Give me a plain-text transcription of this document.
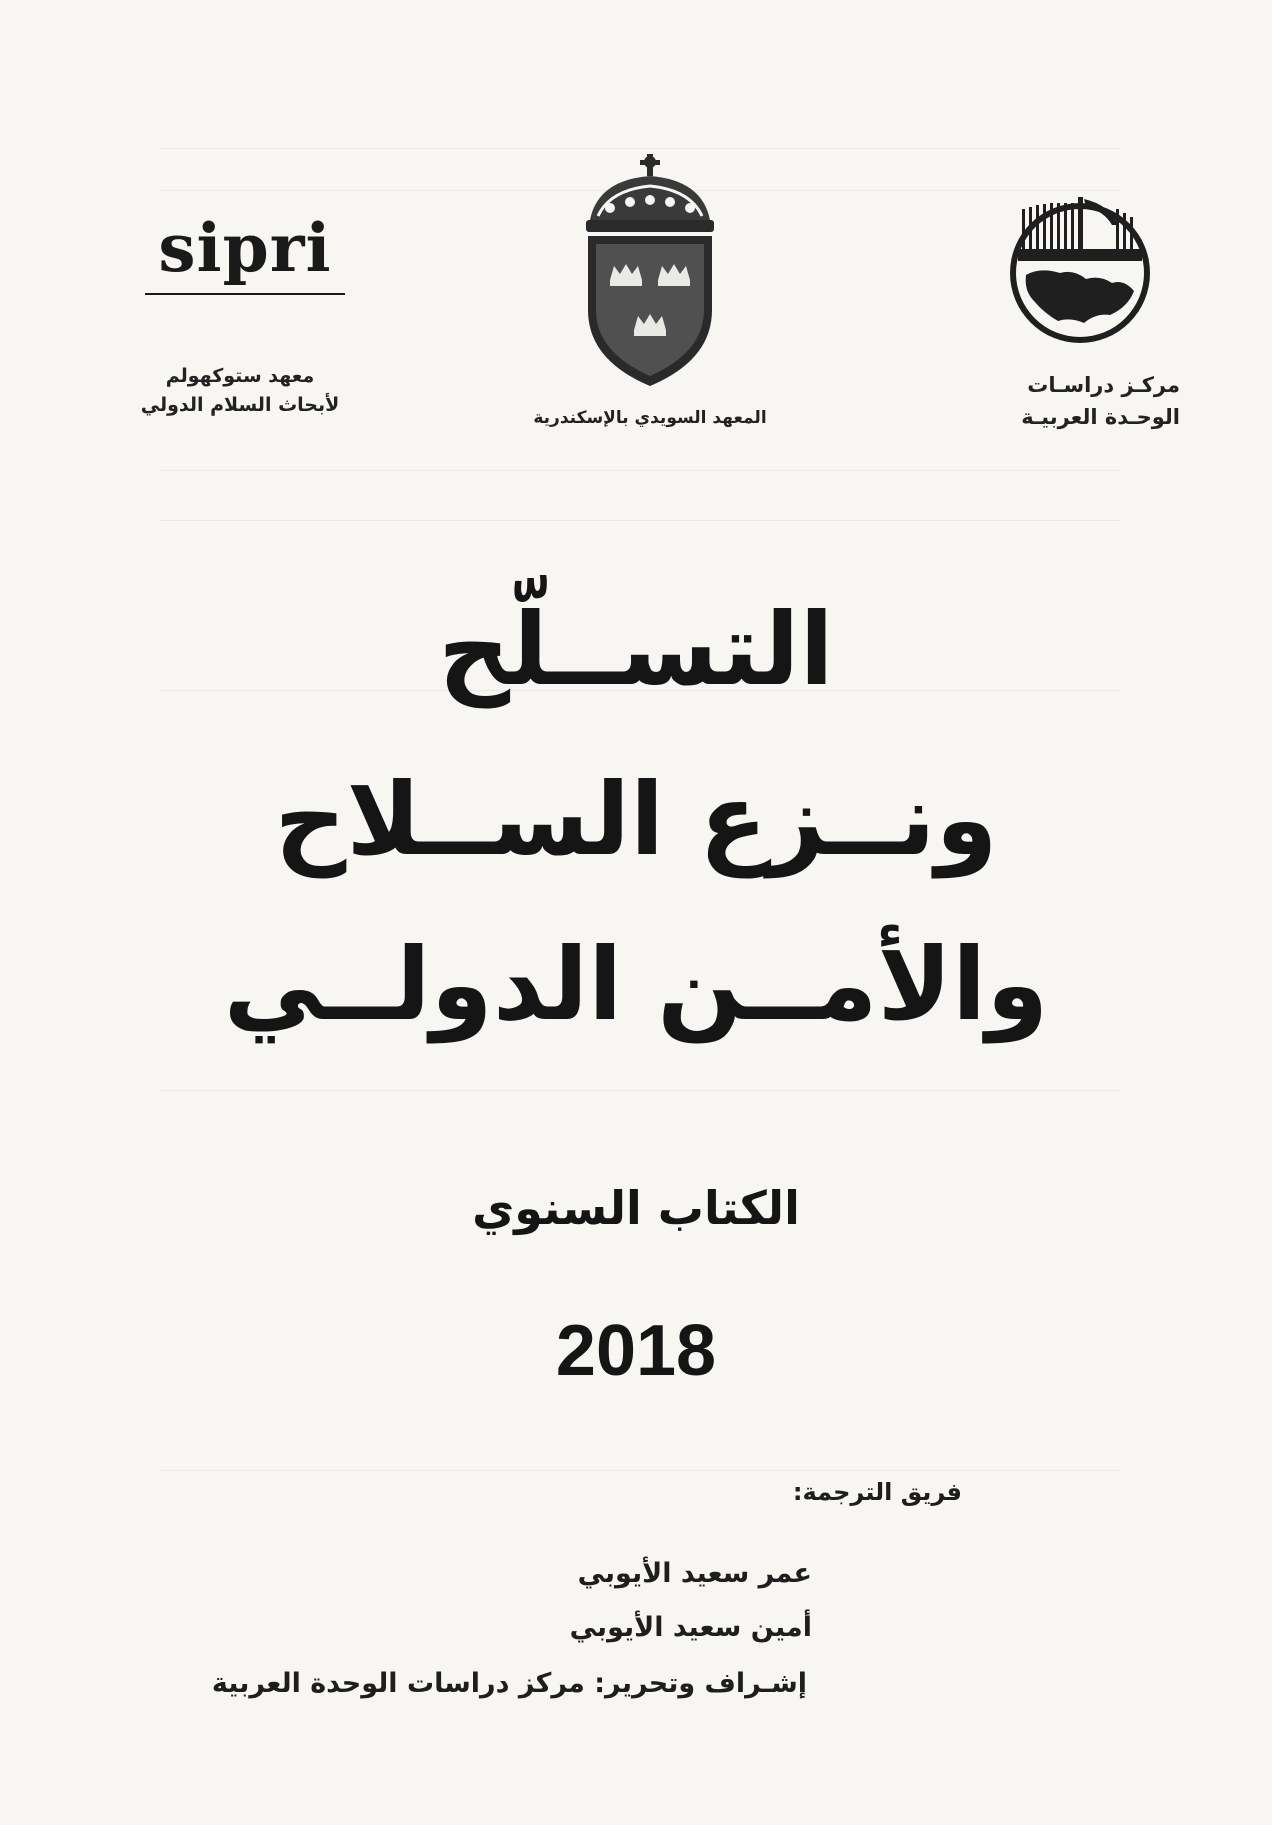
sipri
معهد ستوكهولم
لأبحاث السلام الدولي
المعهد السويدي بالإسكندرية
مركـز دراسـات
الوحـدة العربيـة
التســلّح
ونــزع الســلاح
والأمــن الدولــي
الكتاب السنوي
2018
فريق الترجمة:
عمر سعيد الأيوبي
أمين سعيد الأيوبي
إشـراف وتحرير: مركز دراسات الوحدة العربية
